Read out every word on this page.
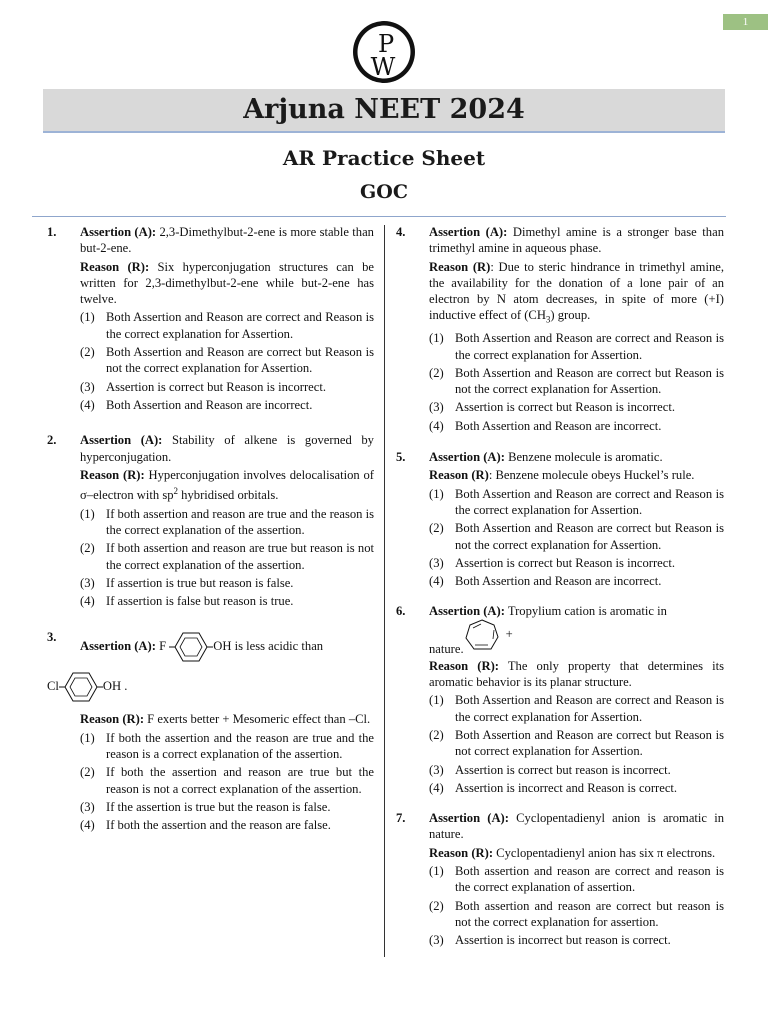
1
P
W
Arjuna NEET 2024
AR Practice Sheet
GOC
1.	Assertion (A): 2,3-Dimethylbut-2-ene is more stable than but-2-ene.

Reason (R): Six hyperconjugation structures can be written for 2,3-dimethylbut-2-ene while but-2-ene has twelve.

(1) Both Assertion and Reason are correct and Reason is the correct explanation for Assertion.
(2) Both Assertion and Reason are correct but Reason is not the correct explanation for Assertion.
(3) Assertion is correct but Reason is incorrect.
(4) Both Assertion and Reason are incorrect.
2.	Assertion (A): Stability of alkene is governed by hyperconjugation.

Reason (R): Hyperconjugation involves delocalisation of σ–electron with $sp^2$ hybridised orbitals.

(1) If both assertion and reason are true and the reason is the correct explanation of the assertion.
(2) If both assertion and reason are true but reason is not the correct explanation of the assertion.
(3) If assertion is true but reason is false.
(4) If assertion is false but reason is true.
3.

Assertion (A): F	OH is less acidic than

Cl	OH .

Reason (R): F exerts better + Mesomeric effect than –Cl.

(1) If both the assertion and the reason are true and the reason is a correct explanation of the assertion.
(2) If both the assertion and reason are true but the reason is not a correct explanation of the assertion.
(3) If the assertion is true but the reason is false.
(4) If both the assertion and the reason are false.
4.	Assertion (A): Dimethyl amine is a stronger base than trimethyl amine in aqueous phase.

Reason (R): Due to steric hindrance in trimethyl amine, the availability for the donation of a lone pair of an electron by N atom decreases, in spite of more (+I) inductive effect of $(CH_3)$ group.

(1) Both Assertion and Reason are correct and Reason is the correct explanation for Assertion.
(2) Both Assertion and Reason are correct but Reason is not the correct explanation for Assertion.
(3) Assertion is correct but Reason is incorrect.
(4) Both Assertion and Reason are incorrect.
5.	Assertion (A): Benzene molecule is aromatic.

Reason (R): Benzene molecule obeys Huckel’s rule.

(1) Both Assertion and Reason are correct and Reason is the correct explanation for Assertion.
(2) Both Assertion and Reason are correct but Reason is not the correct explanation for Assertion.
(3) Assertion is correct but Reason is incorrect.
(4) Both Assertion and Reason are incorrect.
6.	Assertion (A): Tropylium cation is aromatic in

nature.
+

Reason (R): The only property that determines its aromatic behavior is its planar structure.

(1) Both Assertion and Reason are correct and Reason is the correct explanation for Assertion.
(2) Both Assertion and Reason are correct but Reason is not correct explanation for Assertion.
(3) Assertion is correct but reason is incorrect.
(4) Assertion is incorrect and Reason is correct.
7.	Assertion (A): Cyclopentadienyl anion is aromatic in nature.

Reason (R): Cyclopentadienyl anion has six π electrons.

(1) Both assertion and reason are correct and reason is the correct explanation of assertion.
(2) Both assertion and reason are correct but reason is not the correct explanation for assertion.
(3) Assertion is incorrect but reason is correct.
